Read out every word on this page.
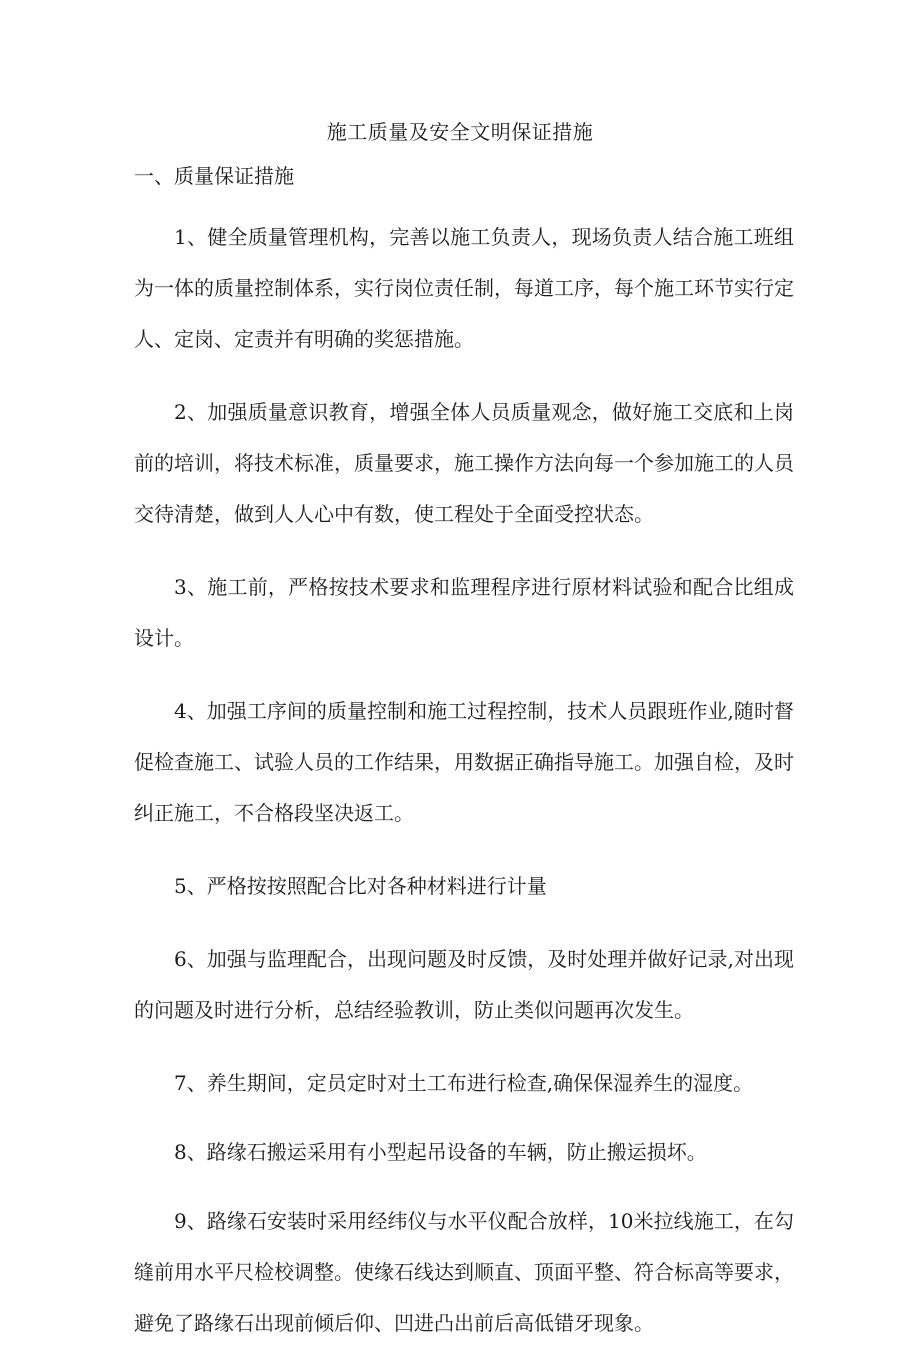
施工质量及安全文明保证措施
一、质量保证措施

1、健全质量管理机构，完善以施工负责人，现场负责人结合施工班组为一体的质量控制体系，实行岗位责任制，每道工序，每个施工环节实行定人、定岗、定责并有明确的奖惩措施。

2、加强质量意识教育，增强全体人员质量观念，做好施工交底和上岗前的培训，将技术标准，质量要求，施工操作方法向每一个参加施工的人员交待清楚，做到人人心中有数，使工程处于全面受控状态。

3、施工前，严格按技术要求和监理程序进行原材料试验和配合比组成设计。

4、加强工序间的质量控制和施工过程控制，技术人员跟班作业,随时督促检查施工、试验人员的工作结果，用数据正确指导施工。加强自检，及时纠正施工，不合格段坚决返工。

5、严格按按照配合比对各种材料进行计量

6、加强与监理配合，出现问题及时反馈，及时处理并做好记录,对出现的问题及时进行分析，总结经验教训，防止类似问题再次发生。

7、养生期间，定员定时对土工布进行检查,确保保湿养生的湿度。

8、路缘石搬运采用有小型起吊设备的车辆，防止搬运损坏。

9、路缘石安装时采用经纬仪与水平仪配合放样，10米拉线施工，在勾缝前用水平尺检校调整。使缘石线达到顺直、顶面平整、符合标高等要求，避免了路缘石出现前倾后仰、凹进凸出前后高低错牙现象。
